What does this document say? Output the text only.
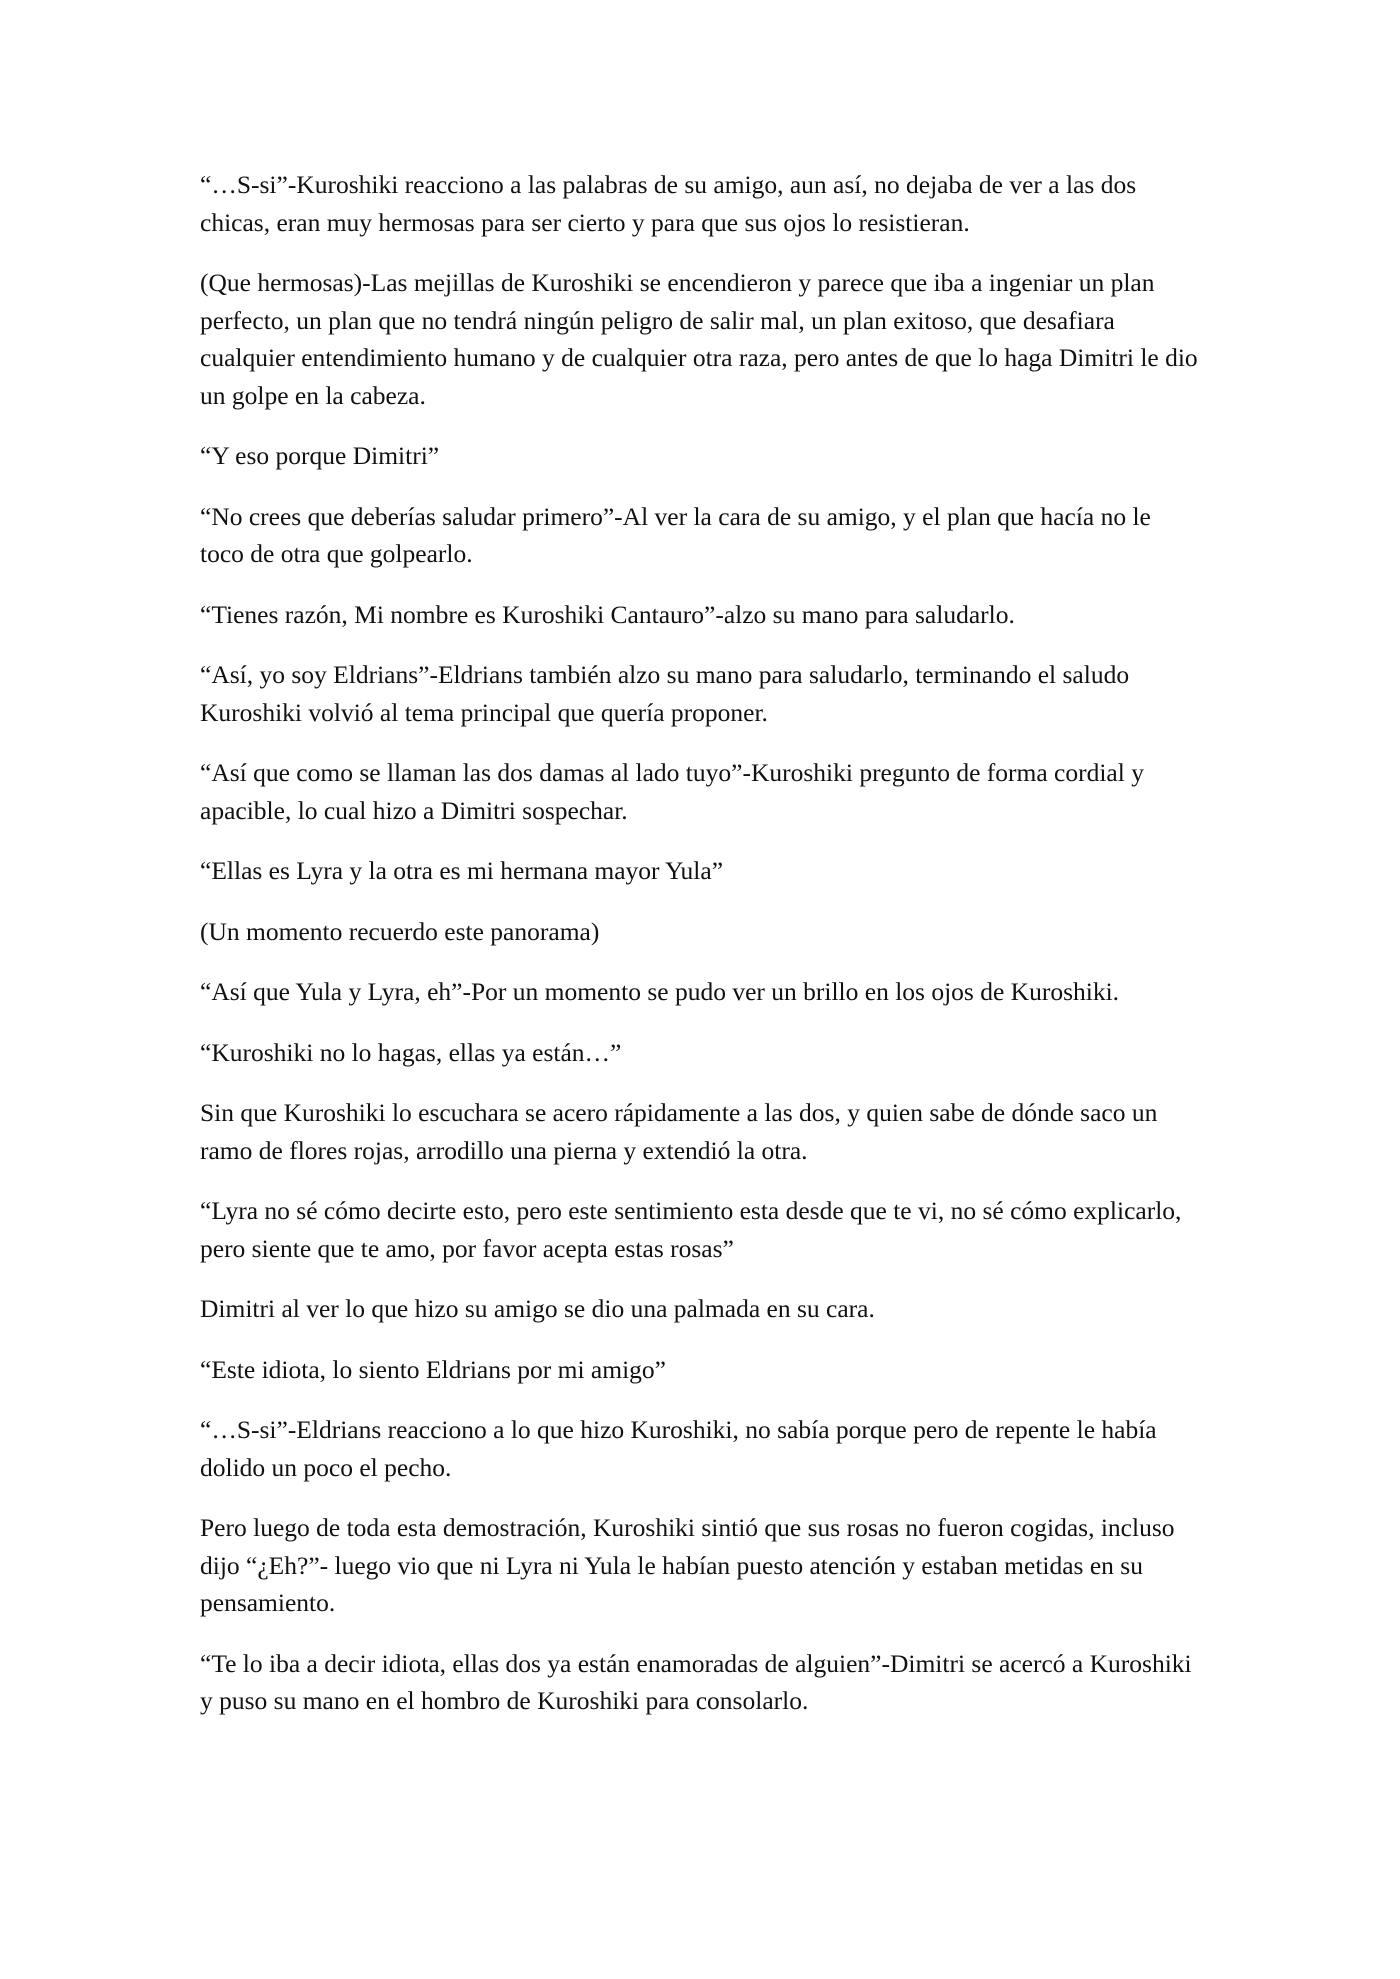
“…S-si”-Kuroshiki reacciono a las palabras de su amigo, aun así, no dejaba de ver a las dos chicas, eran muy hermosas para ser cierto y para que sus ojos lo resistieran.

(Que hermosas)-Las mejillas de Kuroshiki se encendieron y parece que iba a ingeniar un plan perfecto, un plan que no tendrá ningún peligro de salir mal, un plan exitoso, que desafiara cualquier entendimiento humano y de cualquier otra raza, pero antes de que lo haga Dimitri le dio un golpe en la cabeza.

“Y eso porque Dimitri”

“No crees que deberías saludar primero”-Al ver la cara de su amigo, y el plan que hacía no le toco de otra que golpearlo.

“Tienes razón, Mi nombre es Kuroshiki Cantauro”-alzo su mano para saludarlo.

“Así, yo soy Eldrians”-Eldrians también alzo su mano para saludarlo, terminando el saludo Kuroshiki volvió al tema principal que quería proponer.

“Así que como se llaman las dos damas al lado tuyo”-Kuroshiki pregunto de forma cordial y apacible, lo cual hizo a Dimitri sospechar.

“Ellas es Lyra y la otra es mi hermana mayor Yula”

(Un momento recuerdo este panorama)

“Así que Yula y Lyra, eh”-Por un momento se pudo ver un brillo en los ojos de Kuroshiki.

“Kuroshiki no lo hagas, ellas ya están…”

Sin que Kuroshiki lo escuchara se acero rápidamente a las dos, y quien sabe de dónde saco un ramo de flores rojas, arrodillo una pierna y extendió la otra.

“Lyra no sé cómo decirte esto, pero este sentimiento esta desde que te vi, no sé cómo explicarlo, pero siente que te amo, por favor acepta estas rosas”

Dimitri al ver lo que hizo su amigo se dio una palmada en su cara.

“Este idiota, lo siento Eldrians por mi amigo”

“…S-si”-Eldrians reacciono a lo que hizo Kuroshiki, no sabía porque pero de repente le había dolido un poco el pecho.

Pero luego de toda esta demostración, Kuroshiki sintió que sus rosas no fueron cogidas, incluso dijo “¿Eh?”- luego vio que ni Lyra ni Yula le habían puesto atención y estaban metidas en su pensamiento.

“Te lo iba a decir idiota, ellas dos ya están enamoradas de alguien”-Dimitri se acercó a Kuroshiki y puso su mano en el hombro de Kuroshiki para consolarlo.
